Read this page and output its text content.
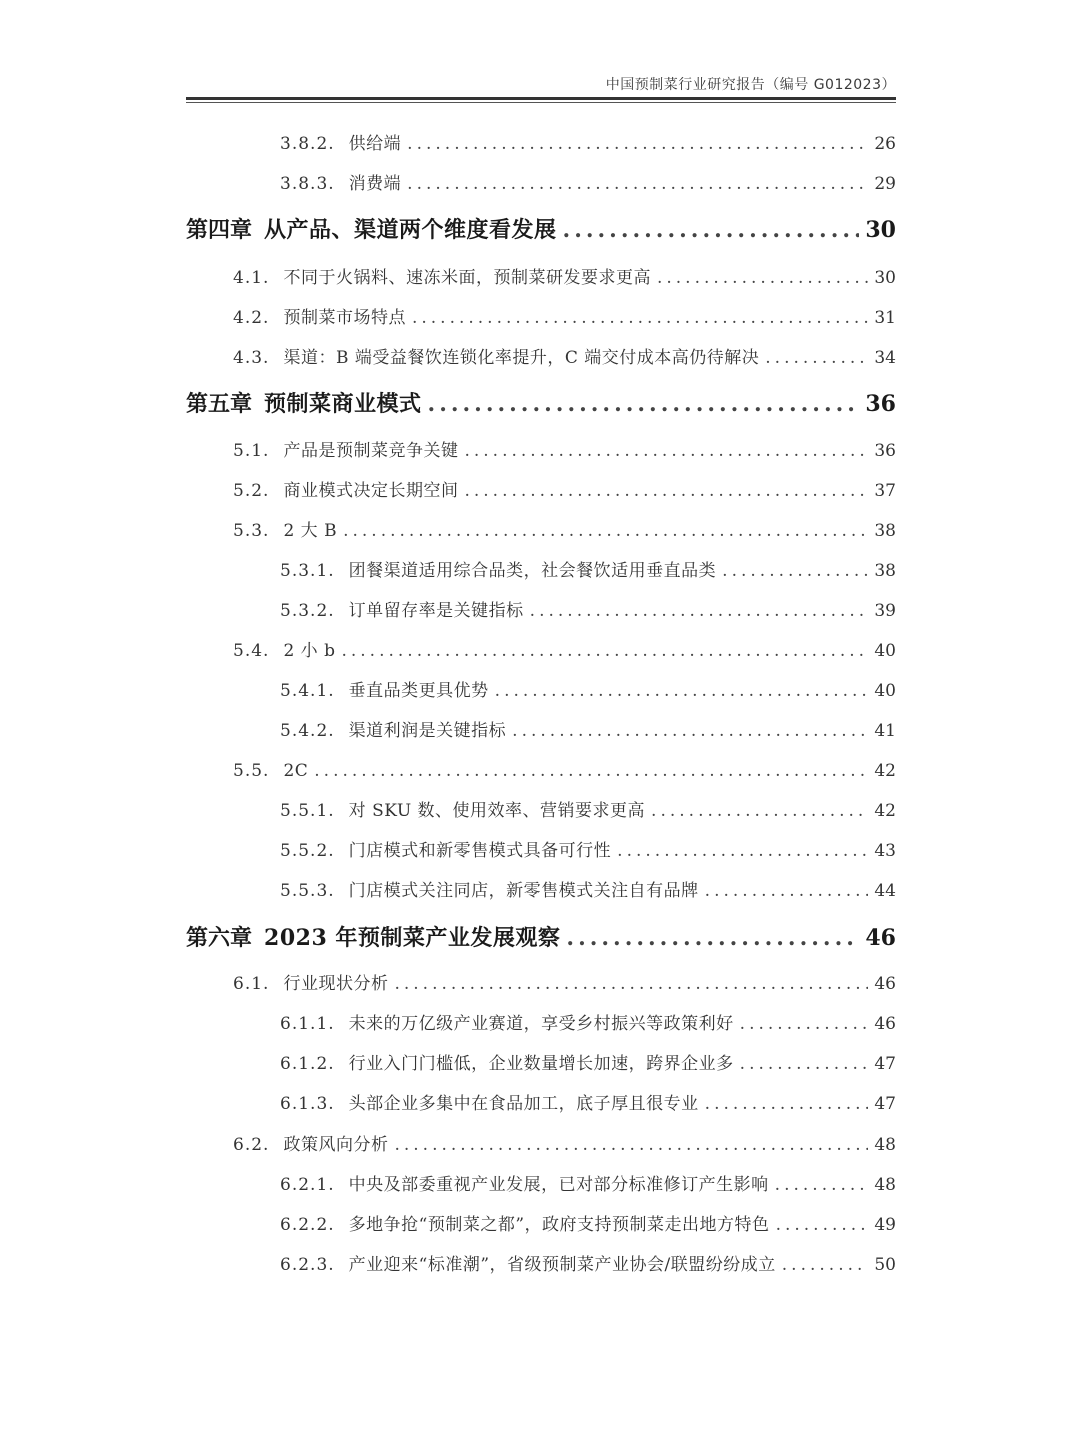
中国预制菜行业研究报告（编号 G012023）
3.8.2. 供给端 .....	26
3.8.3. 消费端 .....	29
第四章 从产品、渠道两个维度看发展 .....	30
4.1. 不同于火锅料、速冻米面，预制菜研发要求更高 .....	30
4.2. 预制菜市场特点 .....	31
4.3. 渠道：B 端受益餐饮连锁化率提升，C 端交付成本高仍待解决 .....	34
第五章 预制菜商业模式 .....	36
5.1. 产品是预制菜竞争关键 .....	36
5.2. 商业模式决定长期空间 .....	37
5.3. 2 大 B .....	38
5.3.1. 团餐渠道适用综合品类，社会餐饮适用垂直品类 .....	38
5.3.2. 订单留存率是关键指标 .....	39
5.4. 2 小 b .....	40
5.4.1. 垂直品类更具优势 .....	40
5.4.2. 渠道利润是关键指标 .....	41
5.5. 2C .....	42
5.5.1. 对 SKU 数、使用效率、营销要求更高 .....	42
5.5.2. 门店模式和新零售模式具备可行性 .....	43
5.5.3. 门店模式关注同店，新零售模式关注自有品牌 .....	44
第六章 2023 年预制菜产业发展观察 .....	46
6.1. 行业现状分析 .....	46
6.1.1. 未来的万亿级产业赛道，享受乡村振兴等政策利好 .....	46
6.1.2. 行业入门门槛低，企业数量增长加速，跨界企业多 .....	47
6.1.3. 头部企业多集中在食品加工，底子厚且很专业 .....	47
6.2. 政策风向分析 .....	48
6.2.1. 中央及部委重视产业发展，已对部分标准修订产生影响 .....	48
6.2.2. 多地争抢“预制菜之都”，政府支持预制菜走出地方特色 .....	49
6.2.3. 产业迎来“标准潮”，省级预制菜产业协会/联盟纷纷成立 .....	50
